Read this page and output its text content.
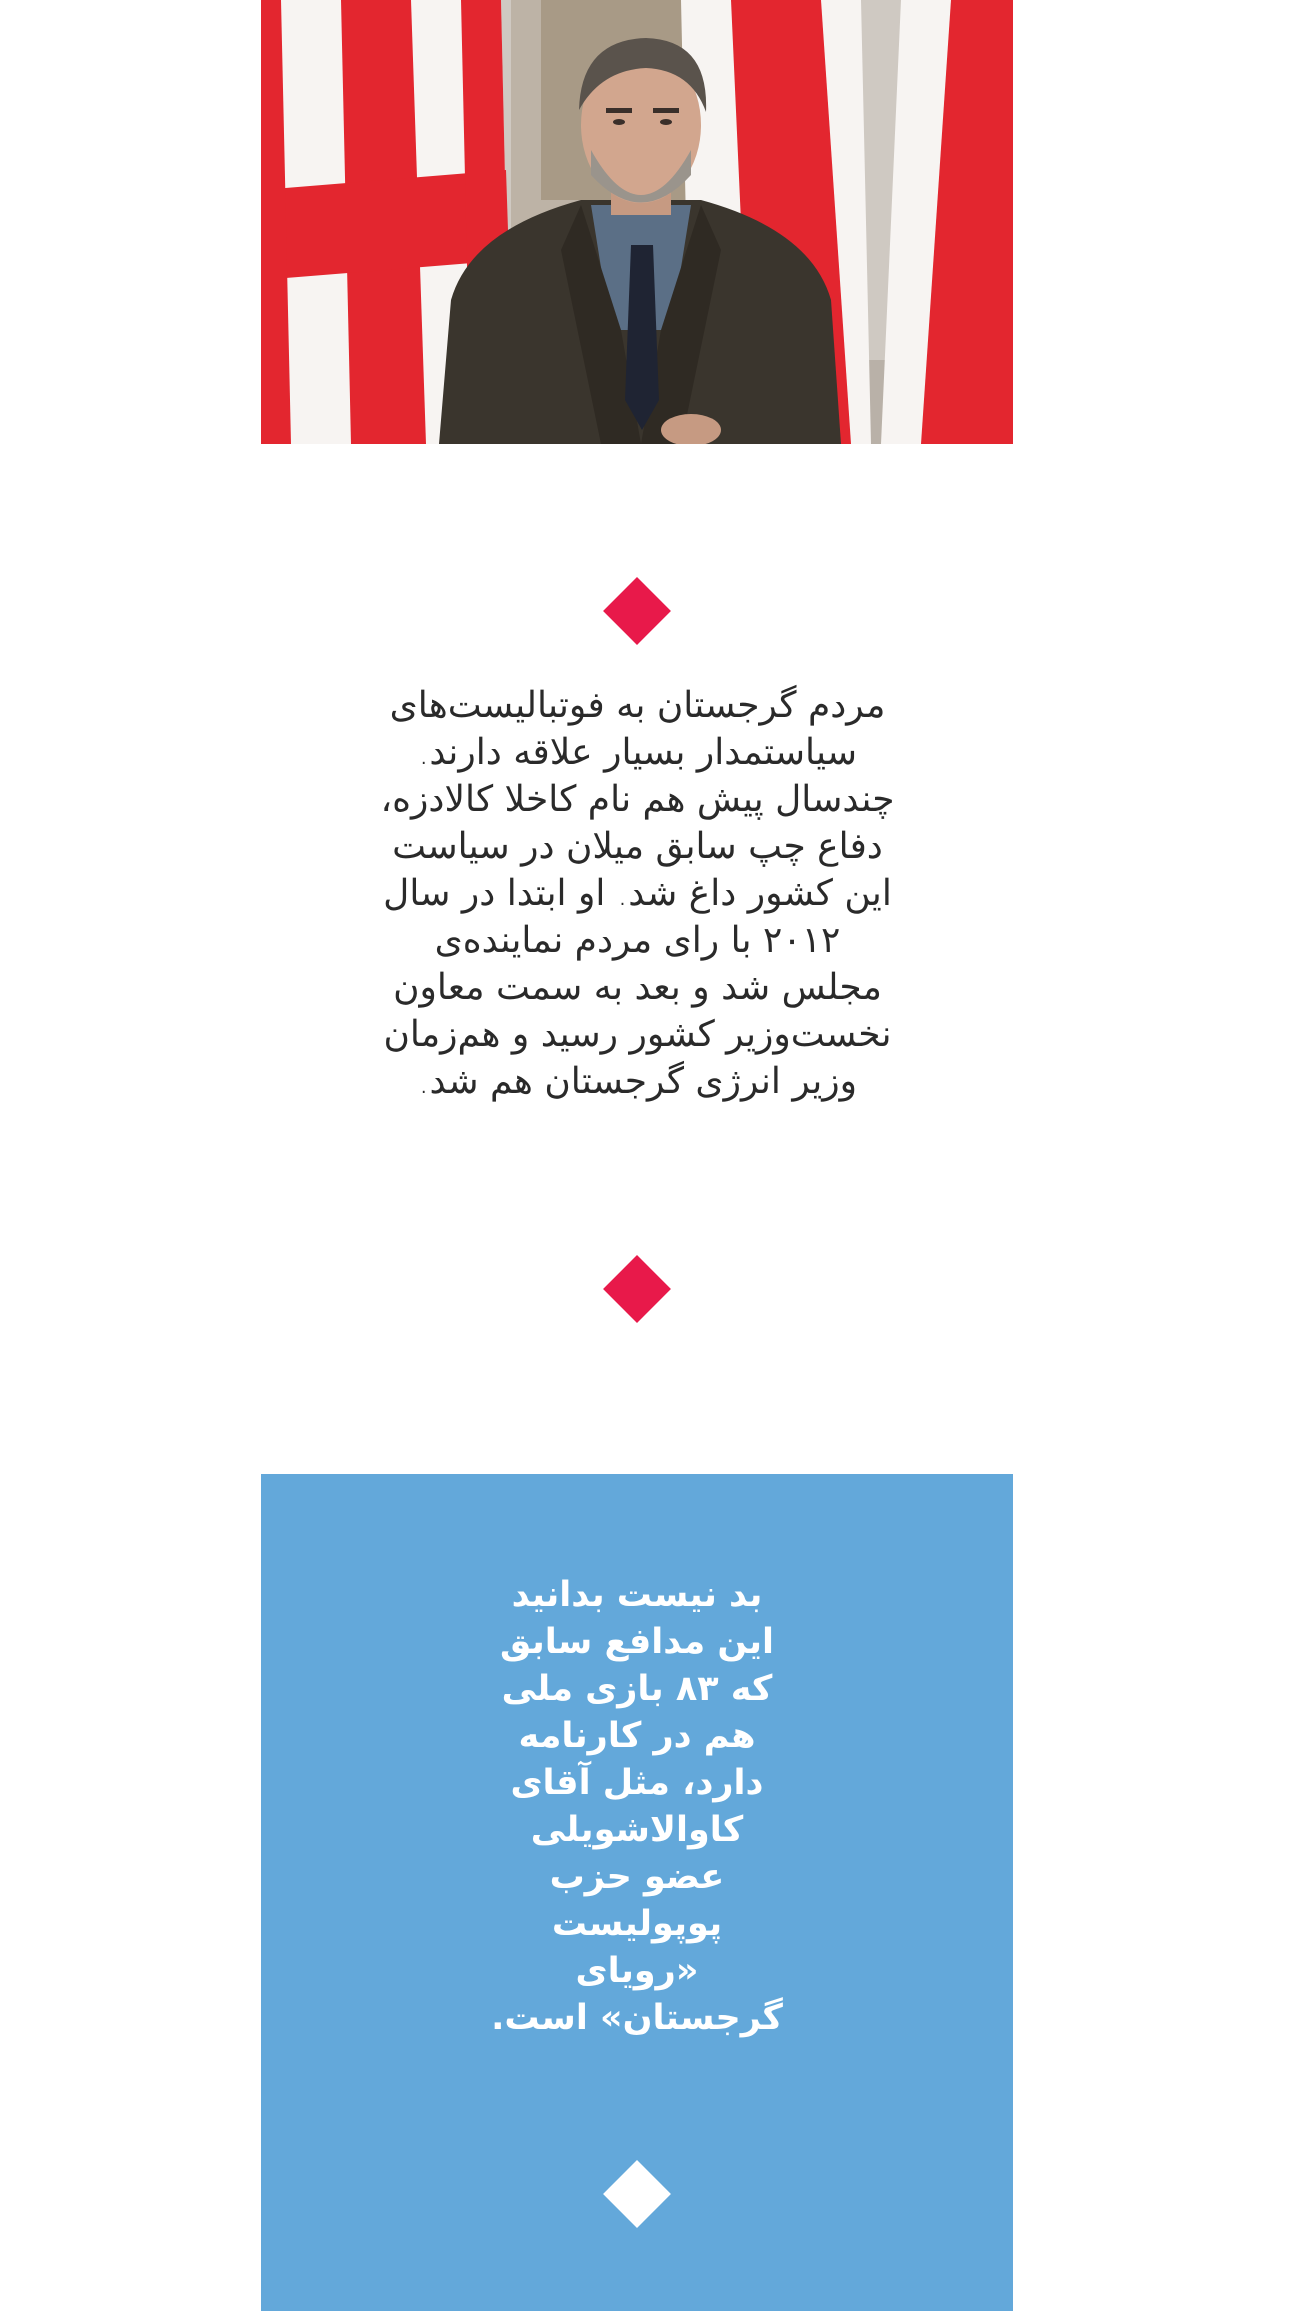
مردم گرجستان به فوتبالیست‌های سیاستمدار بسیار علاقه دارند. چندسال پیش هم نام کاخلا کالادزه، دفاع چپ سابق میلان در سیاست این کشور داغ شد. او ابتدا در سال ۲۰۱۲ با رای مردم نماینده‌ی مجلس شد و بعد به سمت معاون نخست‌وزیر کشور رسید و هم‌زمان وزیر انرژی گرجستان هم شد.

بد نیست بدانید این مدافع سابق که ۸۳ بازی ملی هم در کارنامه دارد، مثل آقای کاوالاشویلی عضو حزب پوپولیست «رویای گرجستان» است.
